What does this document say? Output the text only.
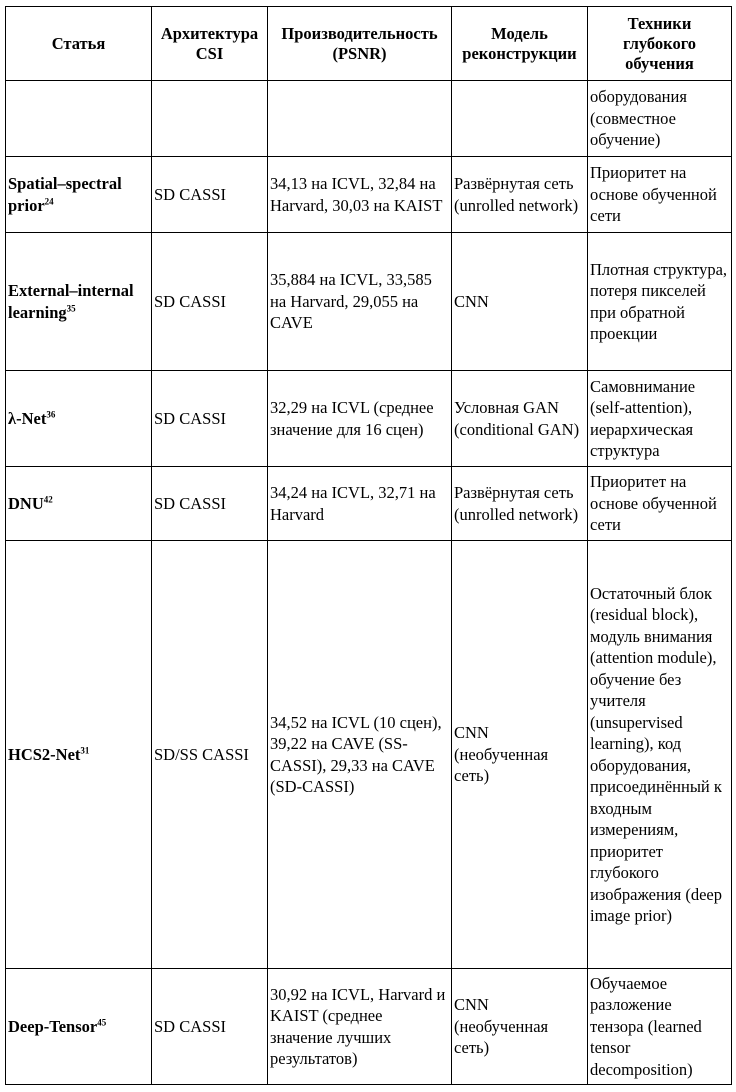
Статья	Архитектура CSI	Производительность (PSNR)	Модель реконструкции	Техники глубокого обучения
				оборудования (совместное обучение)
Spatial–spectral prior$^{24}$	SD CASSI	34,13 на ICVL, 32,84 на Harvard, 30,03 на KAIST	Развёрнутая сеть (unrolled network)	Приоритет на основе обученной сети
External–internal learning$^{35}$	SD CASSI	35,884 на ICVL, 33,585 на Harvard, 29,055 на CAVE	CNN	Плотная структура, потеря пикселей при обратной проекции
λ-Net$^{36}$	SD CASSI	32,29 на ICVL (среднее значение для 16 сцен)	Условная GAN (conditional GAN)	Самовнимание (self-attention), иерархическая структура
DNU$^{42}$	SD CASSI	34,24 на ICVL, 32,71 на Harvard	Развёрнутая сеть (unrolled network)	Приоритет на основе обученной сети
HCS2-Net$^{31}$	SD/SS CASSI	34,52 на ICVL (10 сцен), 39,22 на CAVE (SS-CASSI), 29,33 на CAVE (SD-CASSI)	CNN (необученная сеть)	Остаточный блок (residual block), модуль внимания (attention module), обучение без учителя (unsupervised learning), код оборудования, присоединённый к входным измерениям, приоритет глубокого изображения (deep image prior)
Deep-Tensor$^{45}$	SD CASSI	30,92 на ICVL, Harvard и KAIST (среднее значение лучших результатов)	CNN (необученная сеть)	Обучаемое разложение тензора (learned tensor decomposition)
